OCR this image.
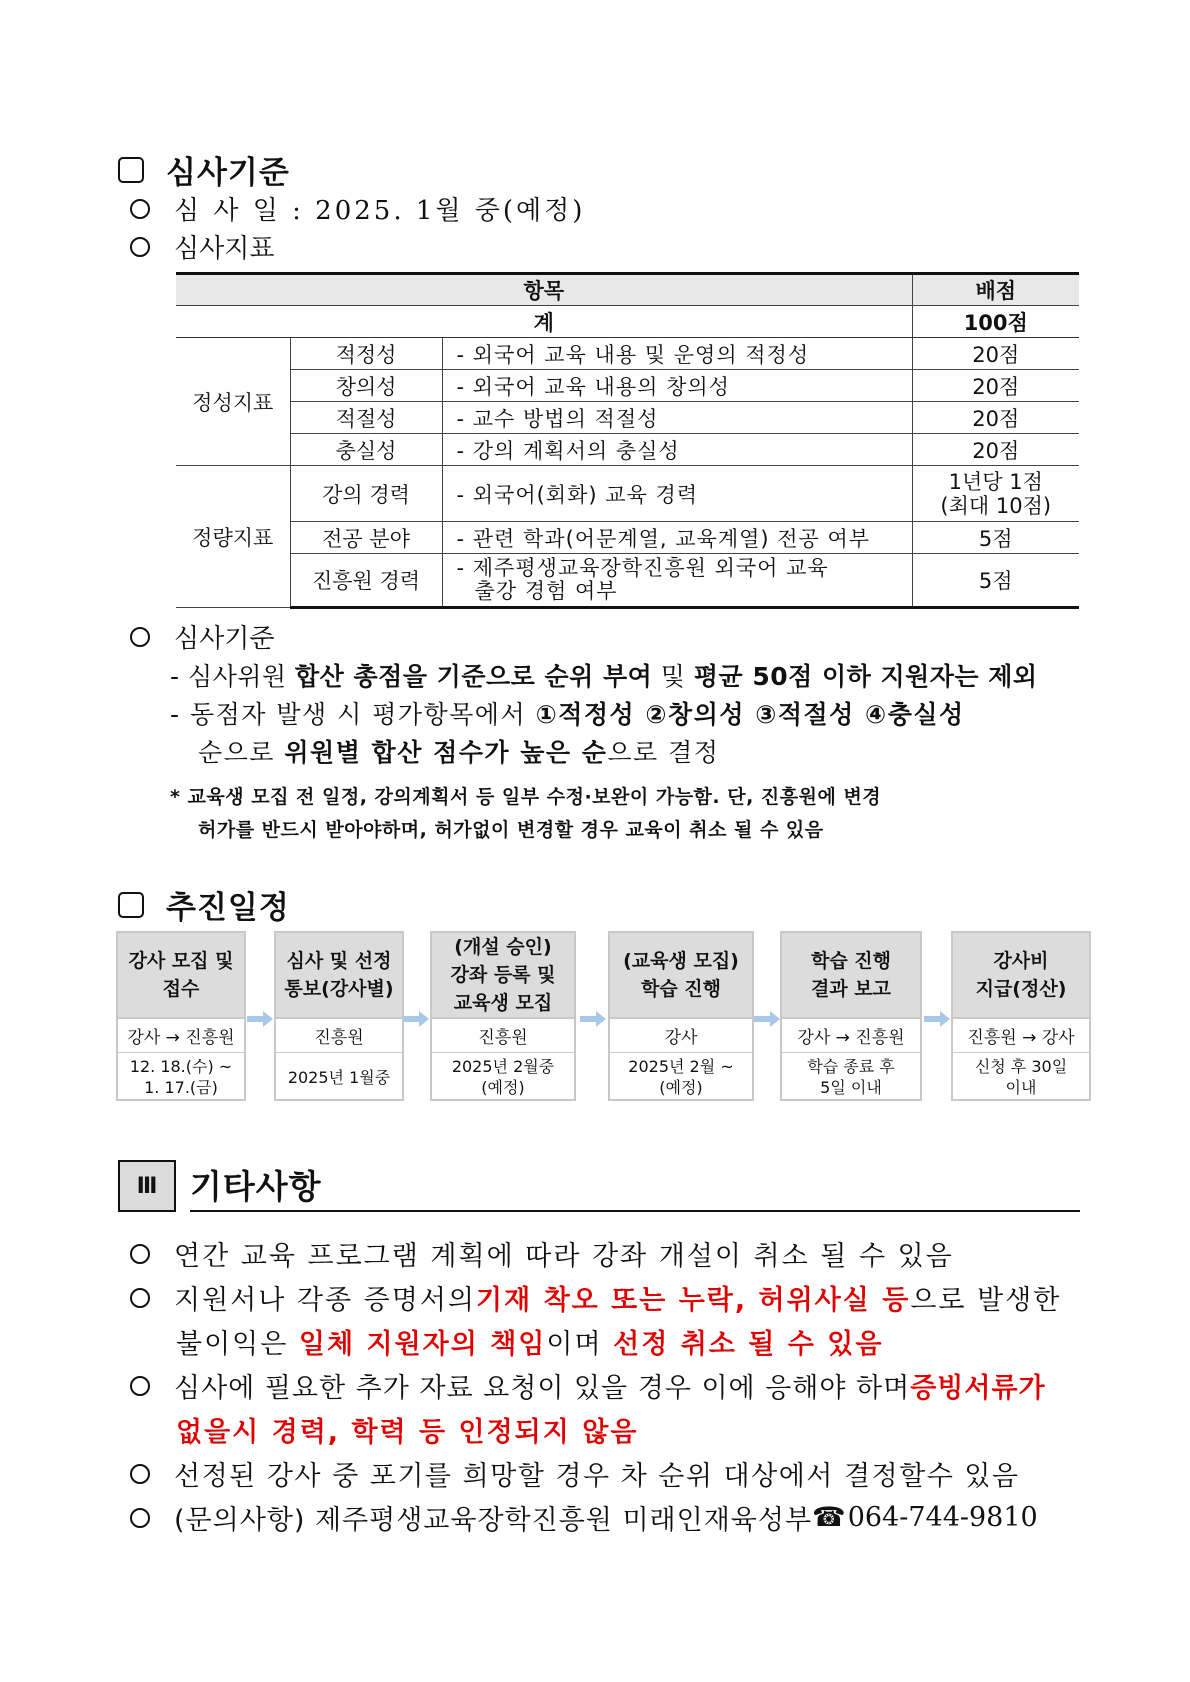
심사기준
심 사 일 : 2025. 1월 중(예정)
심사지표
항목			배점
계			100점
정성지표	적정성	- 외국어 교육 내용 및 운영의 적정성	20점
	창의성	- 외국어 교육 내용의 창의성	20점
	적절성	- 교수 방법의 적절성	20점
	충실성	- 강의 계획서의 충실성	20점
정량지표	강의 경력	- 외국어(회화) 교육 경력	1년당 1점
(최대 10점)

	전공 분야	- 관련 학과(어문계열, 교육계열) 전공 여부	5점
	진흥원 경력	- 제주평생교육장학진흥원 외국어 교육
출강 경험 여부	5점
심사기준
- 심사위원 합산 총점을 기준으로 순위 부여 및 평균 50점 이하 지원자는 제외
- 동점자 발생 시 평가항목에서 ①적정성 ②창의성 ③적절성 ④충실성
순으로 위원별 합산 점수가 높은 순으로 결정
* 교육생 모집 전 일정, 강의계획서 등 일부 수정·보완이 가능함. 단, 진흥원에 변경
허가를 반드시 받아야하며, 허가없이 변경할 경우 교육이 취소 될 수 있음
추진일정
강사 모집 및
접수
강사 → 진흥원
12. 18.(수) ~
1. 17.(금)
심사 및 선정
통보(강사별)
진흥원
2025년 1월중
(개설 승인)
강좌 등록 및
교육생 모집
진흥원
2025년 2월중
(예정)
(교육생 모집)
학습 진행
강사
2025년 2월 ~
(예정)
학습 진행
결과 보고
강사 → 진흥원
학습 종료 후
5일 이내
강사비
지급(정산)
진흥원 → 강사
신청 후 30일
이내
Ⅲ 기타사항
연간 교육 프로그램 계획에 따라 강좌 개설이 취소 될 수 있음
지원서나 각종 증명서의 기재 착오 또는 누락, 허위사실 등 으로 발생한
불이익은 일체 지원자의 책임이며 선정 취소 될 수 있음
심사에 필요한 추가 자료 요청이 있을 경우 이에 응해야 하며 증빙서류가
없을시 경력, 학력 등 인정되지 않음
선정된 강사 중 포기를 희망할 경우 차 순위 대상에서 결정할수 있음
(문의사항) 제주평생교육장학진흥원 미래인재육성부 ☎ 064-744-9810
